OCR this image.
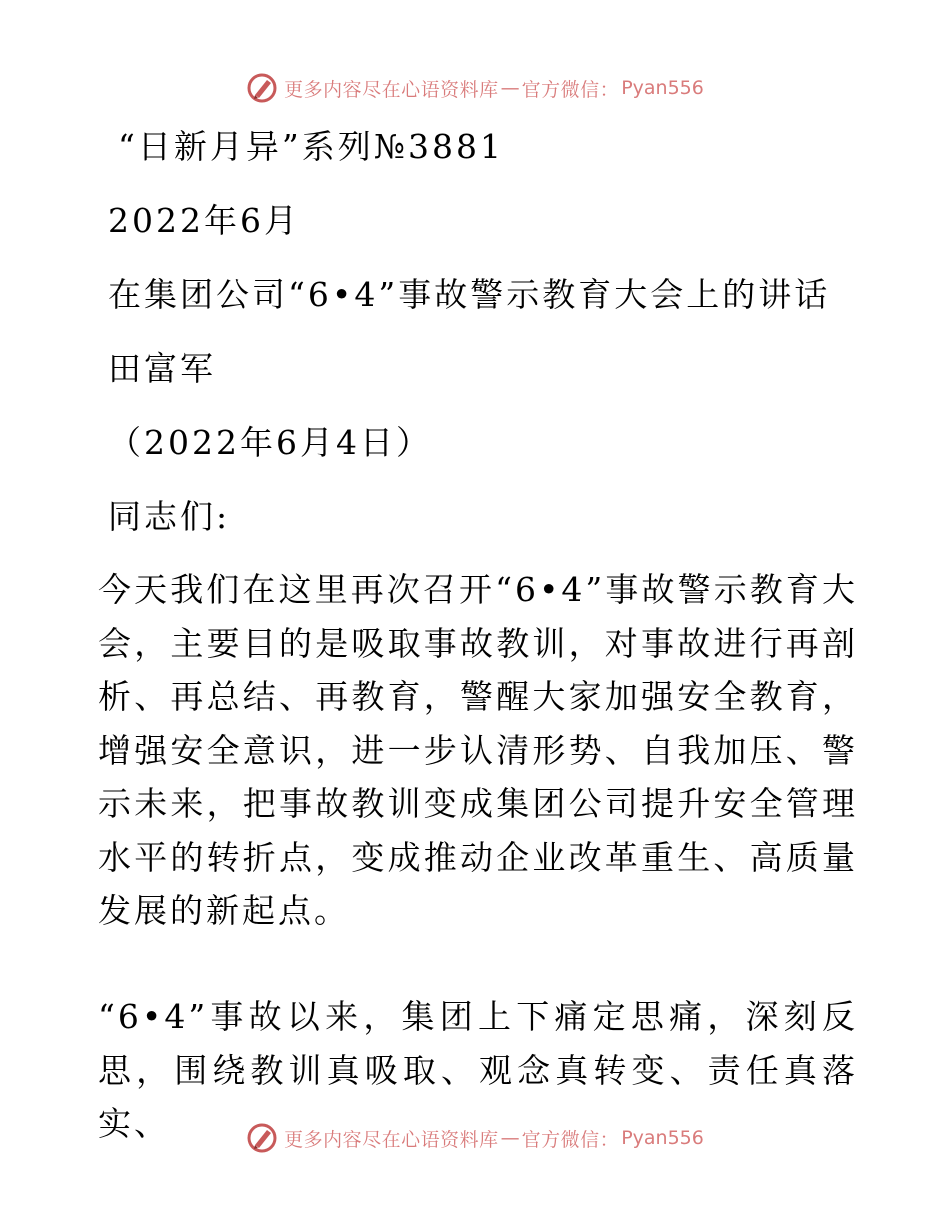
更多内容尽在心语资料库 — 官方微信： Pyan556
“日新月异”系列№3881
2022年6月
在集团公司“6•4”事故警示教育大会上的讲话
田富军
（2022年6月4日）
同志们:
今天我们在这里再次召开“6•4”事故警示教育大会，主要目的是吸取事故教训，对事故进行再剖析、再总结、再教育，警醒大家加强安全教育，增强安全意识，进一步认清形势、自我加压、警示未来，把事故教训变成集团公司提升安全管理水平的转折点，变成推动企业改革重生、高质量发展的新起点。
“6•4”事故以来，集团上下痛定思痛，深刻反思，围绕教训真吸取、观念真转变、责任真落实、	更多内容尽在心语资料库 — 官方微信： Pyan556
